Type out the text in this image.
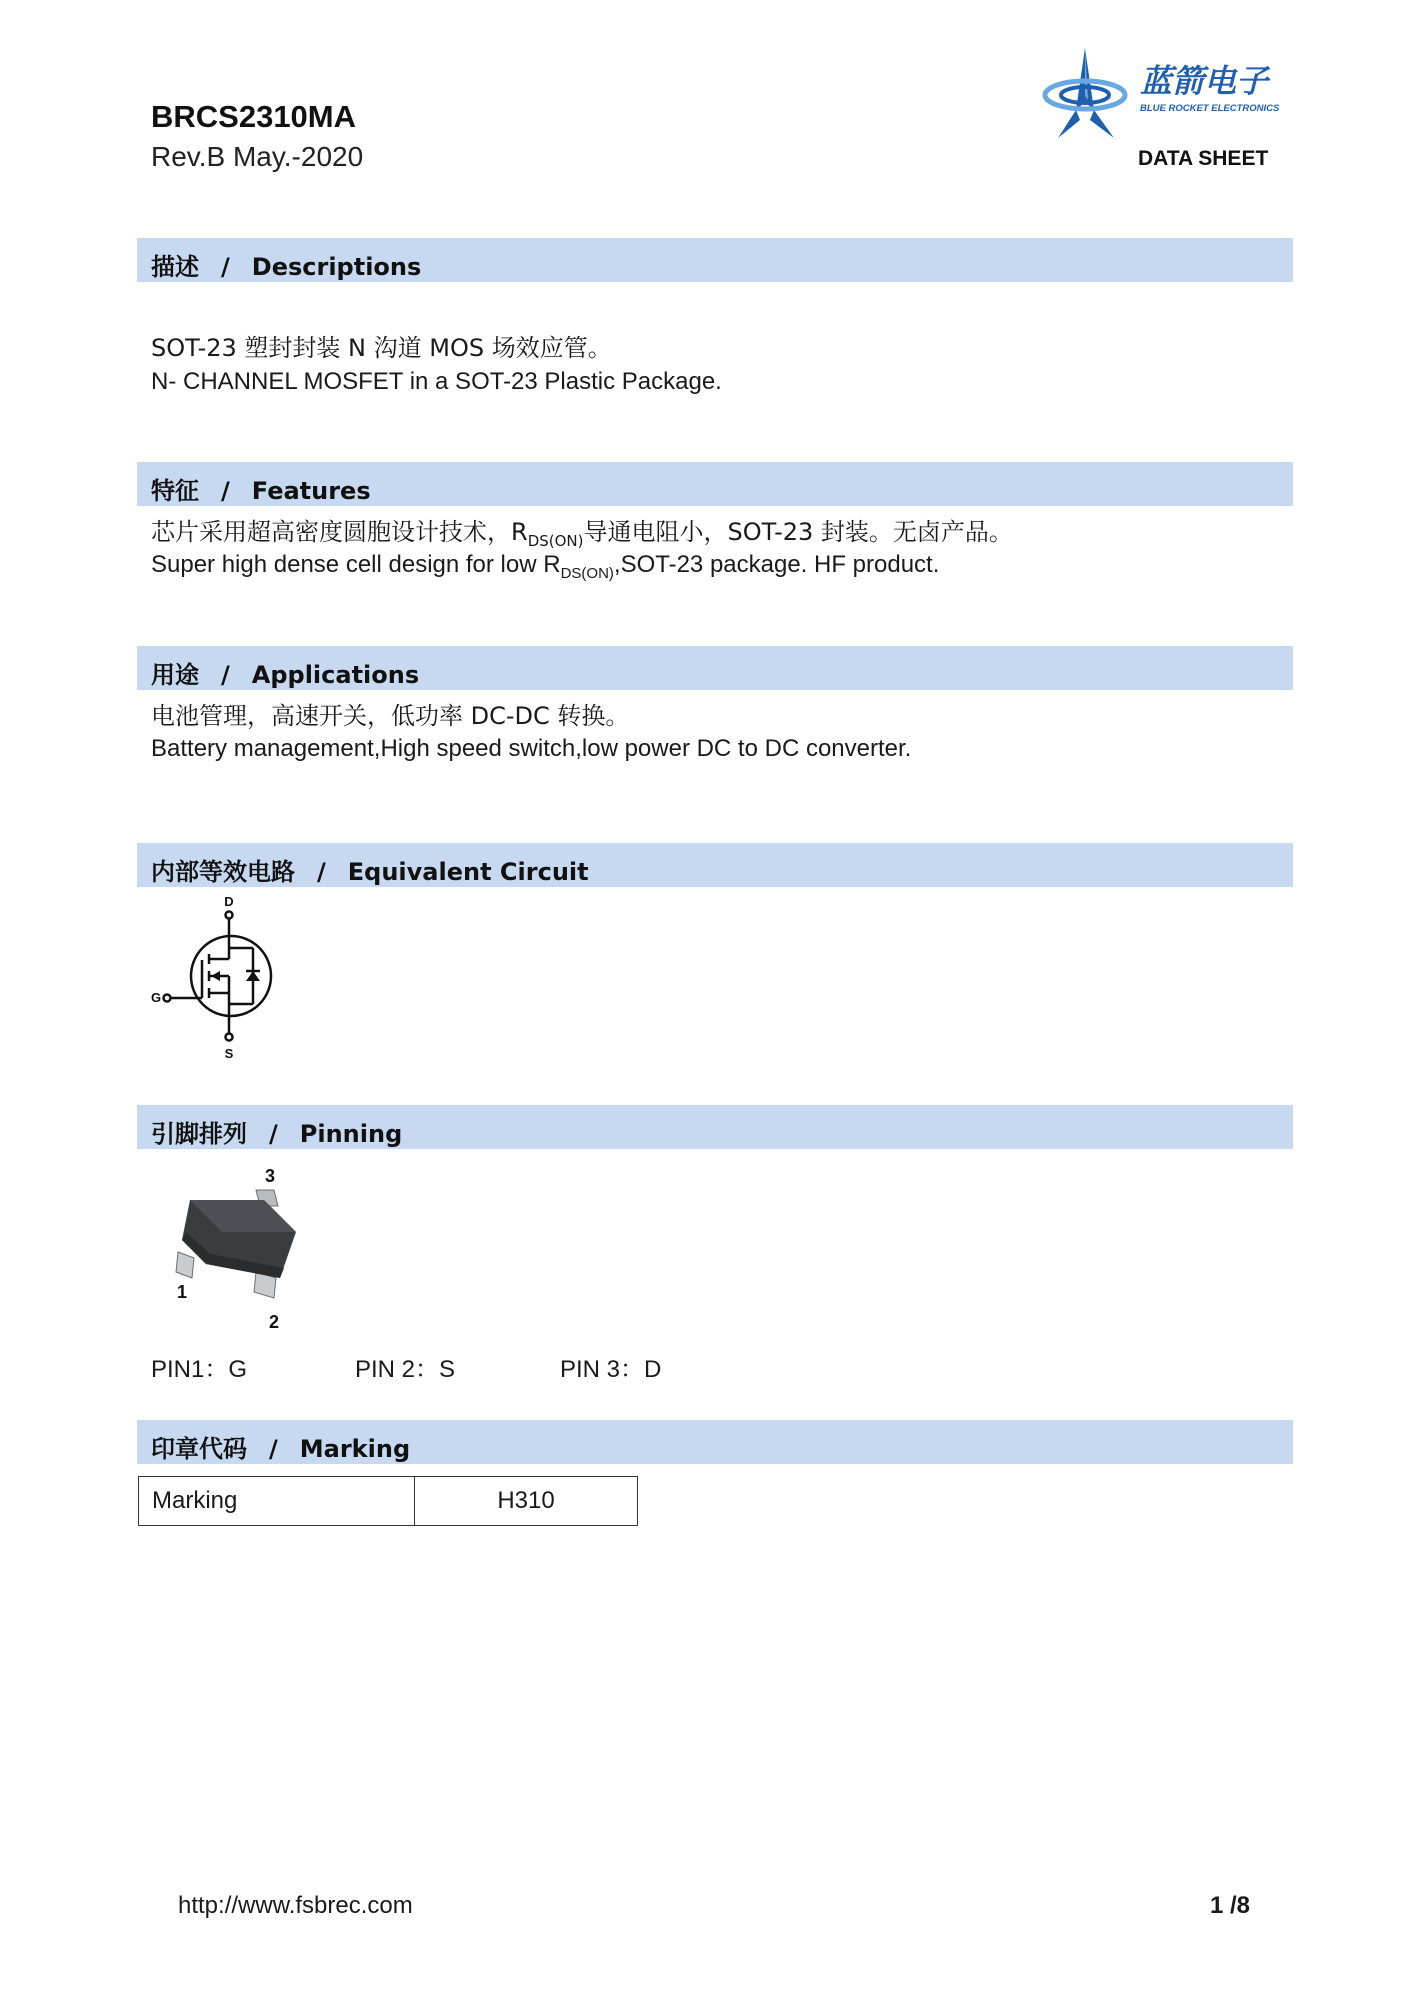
BRCS2310MA
Rev.B May.-2020
蓝箭电子
BLUE ROCKET ELECTRONICS
DATA SHEET
描述 / Descriptions
SOT-23 塑封封装 N 沟道 MOS 场效应管。
N- CHANNEL MOSFET in a SOT-23 Plastic Package.
特征 / Features
芯片采用超高密度圆胞设计技术，$R_{DS(ON)}$导通电阻小，SOT-23 封装。无卤产品。
Super high dense cell design for low $R_{DS(ON)},SOT-23$ package. HF product.
用途 / Applications
电池管理，高速开关，低功率 DC-DC 转换。
Battery management,High speed switch,low power DC to DC converter.
内部等效电路 / Equivalent Circuit
D
G
S
引脚排列 / Pinning
3
1
2
PIN1：G	PIN 2：S	PIN 3：D
印章代码 / Marking
Marking	H310
http://www.fsbrec.com	1 /8
